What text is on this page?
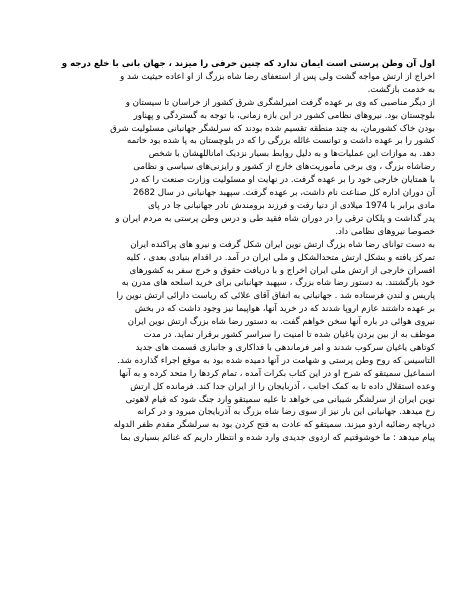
اول آن وطن پرستی است ایمان ندارد که چنین حرفی را میزند ، جهان بانی با خلع درجه و
اخراج از ارتش مواجه گشت ولی پس از استعفای رضا شاه بزرگ از او اعاده حیثیت شد و
به خدمت بازگشت.
از دیگر مناصبی که وی بر عهده گرفت امیرلشگری شرق کشور از خراسان تا سیستان و
بلوچستان بود. نیروهای نظامی کشور در این بازه زمانی، با توجه به گستردگی و پهناور
بودن خاک کشورمان، به چند منطقه تقسیم شده بودند که سرلشگر جهانبانی مسئولیت شرق
کشور را بر عهده داشت و توانست غائله بزرگی را که در بلوچستان به پا شده بود خاتمه
دهد. به موازات این عملیات‌ها و به دلیل روابط بسیار نزدیک اماناللهشان با شخص
رضاشاه بزرگ ، وی برخی مأموریت‌های خارج از کشور و رایزنی‌های سیاسی و نظامی
با همتایان خارجی خود را بر عهده گرفت. در نهایت او مسئولیت وزارت صنعت را که در
آن دوران اداره کل صناعت نام داشت، بر عهده گرفت. سپهبد جهانبانی در سال 2682
مادی برابر با 1974 میلادی از دنیا رفت و فرزند برومندش نادر جهانبانی جا در پای
پدر گذاشت و پلکان ترقی را در دوران شاه فقید طی و درس وطن پرستی به مردم ایران و
خصوصا نیروهای نظامی داد.
به دست توانای رضا شاه بزرگ ارتش نوین ایران شکل گرفت و نیرو های پراکنده ایران
تمرکز یافته و بشکل ارتش متحدالشکل و ملی ایران در آمد. در اقدام بنیادی بعدی ، کلیه
افسران خارجی از ارتش ملی ایران اخراج و با دریافت حقوق و خرج سفر به کشورهای
خود بازگشتند. به دستور رضا شاه بزرگ ، سپهبد جهانبانی برای خرید اسلحه های مدرن به
پاریس و لندن فرستاده شد . جهانبانی به اتفاق آقای علائی که ریاست دارائی ارتش نوین را
بر عهده داشتند عازم اروپا شدند که در خرید آنها، هواپیما نیز وجود داشت که در بخش
نیروی هوائی در باره آنها سخن خواهم گفت. به دستور رضا شاه بزرگ ارتش نوین ایران
موظف به از بین بردن یاغیان شده تا امنیت را سراسر کشور برقرار نماید. در مدت
کوتاهی یاغیان سرکوب شدند و امر فرماندهی با فداکاری و جانبازی قسمت های جدید
التاسیس که روح وطن پرستی و شهامت در آنها دمیده شده بود به موقع اجراء گذارده شد.
اسماعیل سمیتقو که شرح او در این کتاب بکرات آمده ، تمام کردها را متحد کرده و به آنها
وعده استقلال داده تا به کمک اجانب ، آذربایجان را از ایران جدا کند. فرمانده کل ارتش
نوین ایران از سرلشگر شیبانی می خواهد تا علیه سمیتقو وارد جنگ شود که قیام لاهوتی
رخ میدهد. جهانبانی این بار نیز از سوی رضا شاه بزرگ به آذربایجان میرود و در کرانه
دریاچه رضائیه اردو میزند. سمیتقو که عادت به فتح کردن بود به سرلشگر مقدم ظفر الدوله
پیام میدهد : ما خوشوقتیم که اردوی جدیدی وارد شده و انتظار داریم که غنائم بسیاری بما
